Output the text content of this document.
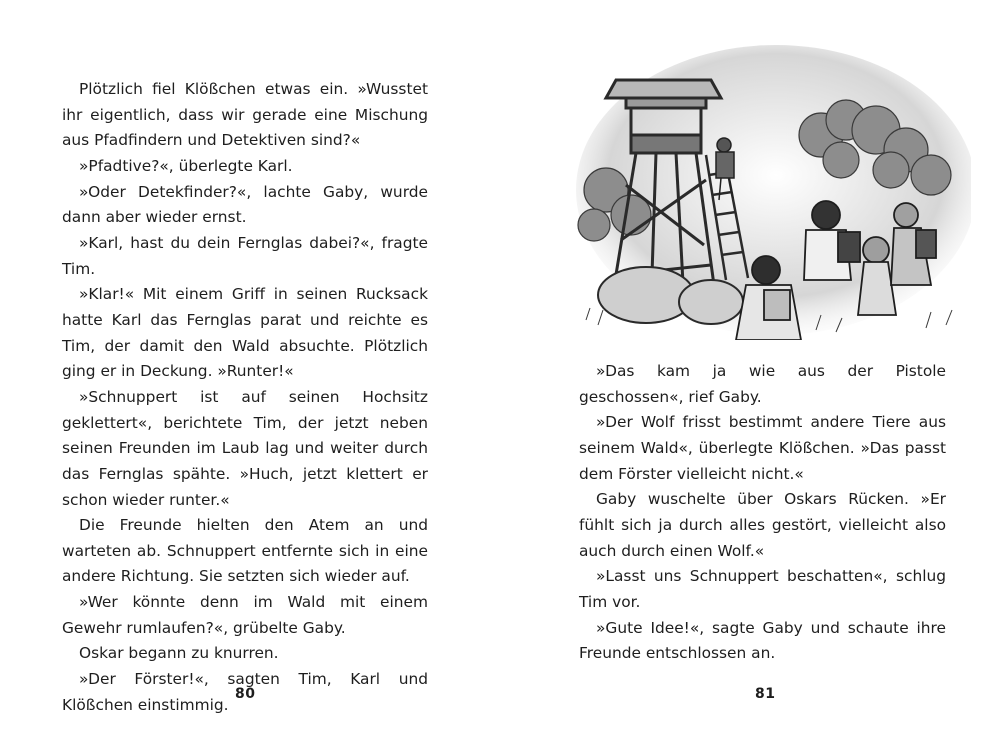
Plötzlich fiel Klößchen etwas ein. »Wusstet ihr eigentlich, dass wir gerade eine Mischung aus Pfadfindern und Detektiven sind?«

»Pfadtive?«, überlegte Karl.

»Oder Detekfinder?«, lachte Gaby, wurde dann aber wieder ernst.

»Karl, hast du dein Fernglas dabei?«, fragte Tim.

»Klar!« Mit einem Griff in seinen Rucksack hatte Karl das Fernglas parat und reichte es Tim, der damit den Wald absuchte. Plötzlich ging er in Deckung. »Runter!«

»Schnuppert ist auf seinen Hochsitz geklettert«, berichtete Tim, der jetzt neben seinen Freunden im Laub lag und weiter durch das Fernglas spähte. »Huch, jetzt klettert er schon wieder runter.«

Die Freunde hielten den Atem an und warteten ab. Schnuppert entfernte sich in eine andere Richtung. Sie setzten sich wieder auf.

»Wer könnte denn im Wald mit einem Gewehr rumlaufen?«, grübelte Gaby.

Oskar begann zu knurren.

»Der Förster!«, sagten Tim, Karl und Klößchen einstimmig.

80

»Das kam ja wie aus der Pistole geschossen«, rief Gaby.

»Der Wolf frisst bestimmt andere Tiere aus seinem Wald«, überlegte Klößchen. »Das passt dem Förster vielleicht nicht.«

Gaby wuschelte über Oskars Rücken. »Er fühlt sich ja durch alles gestört, vielleicht also auch durch einen Wolf.«

»Lasst uns Schnuppert beschatten«, schlug Tim vor.

»Gute Idee!«, sagte Gaby und schaute ihre Freunde entschlossen an.

81
